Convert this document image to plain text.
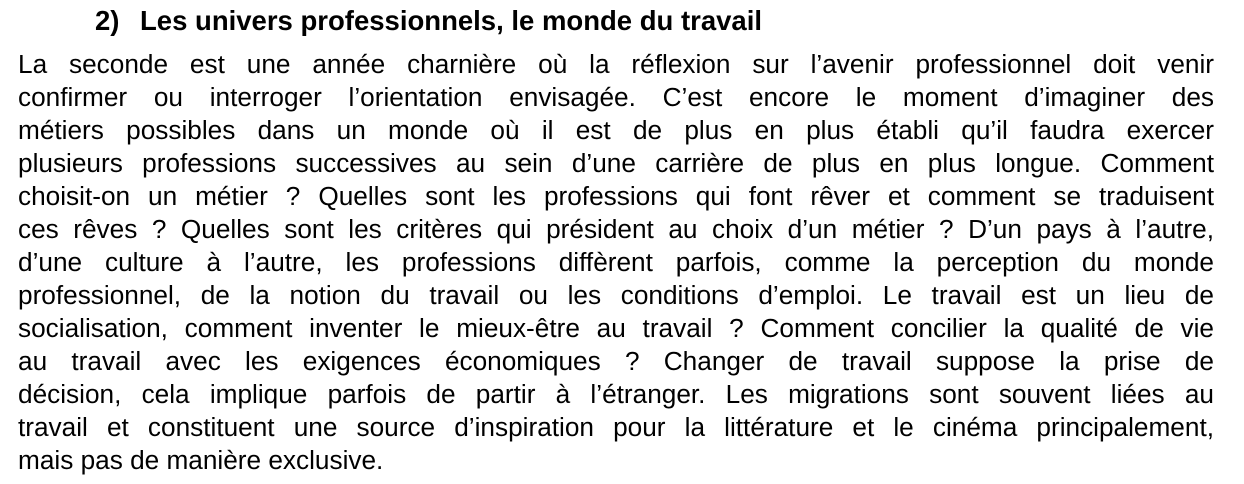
2) Les univers professionnels, le monde du travail
La seconde est une année charnière où la réflexion sur l’avenir professionnel doit venir
confirmer ou interroger l’orientation envisagée. C’est encore le moment d’imaginer des
métiers possibles dans un monde où il est de plus en plus établi qu’il faudra exercer
plusieurs professions successives au sein d’une carrière de plus en plus longue. Comment
choisit-on un métier ? Quelles sont les professions qui font rêver et comment se traduisent
ces rêves ? Quelles sont les critères qui président au choix d’un métier ? D’un pays à l’autre,
d’une culture à l’autre, les professions diffèrent parfois, comme la perception du monde
professionnel, de la notion du travail ou les conditions d’emploi. Le travail est un lieu de
socialisation, comment inventer le mieux-être au travail ? Comment concilier la qualité de vie
au travail avec les exigences économiques ? Changer de travail suppose la prise de
décision, cela implique parfois de partir à l’étranger. Les migrations sont souvent liées au
travail et constituent une source d’inspiration pour la littérature et le cinéma principalement,
mais pas de manière exclusive.
